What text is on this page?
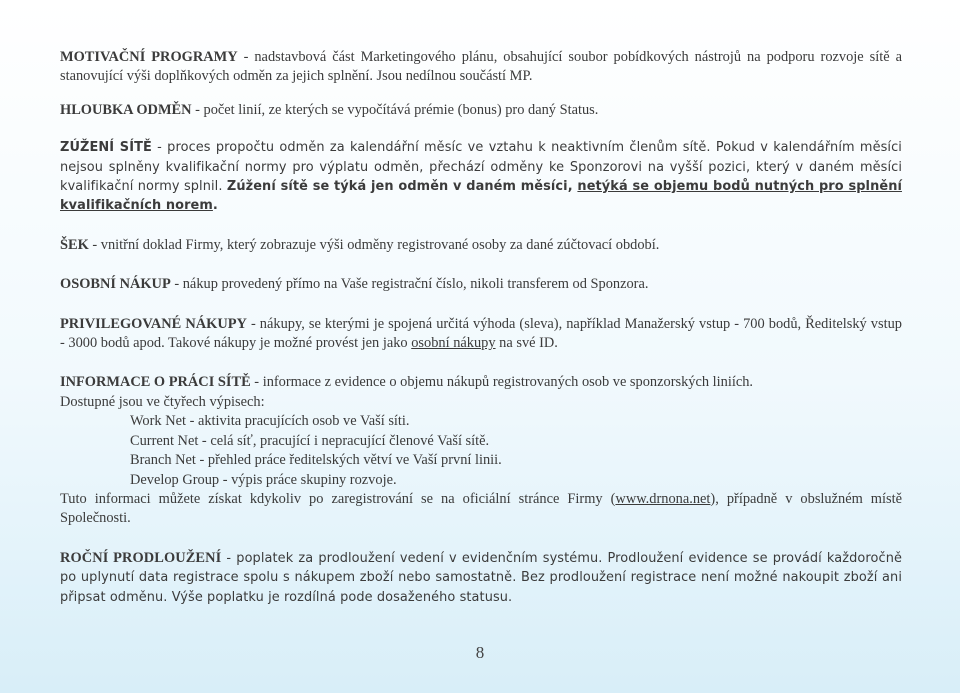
MOTIVAČNÍ PROGRAMY - nadstavbová část Marketingového plánu, obsahující soubor pobídkových nástrojů na podporu rozvoje sítě a stanovující výši doplňkových odměn za jejich splnění. Jsou nedílnou součástí MP.

HLOUBKA ODMĚN - počet linií, ze kterých se vypočítává prémie (bonus) pro daný Status.

ZÚŽENÍ SÍTĚ - proces propočtu odměn za kalendářní měsíc ve vztahu k neaktivním členům sítě. Pokud v kalendářním měsíci nejsou splněny kvalifikační normy pro výplatu odměn, přechází odměny ke Sponzorovi na vyšší pozici, který v daném měsíci kvalifikační normy splnil. Zúžení sítě se týká jen odměn v daném měsíci, netýká se objemu bodů nutných pro splnění kvalifikačních norem.

ŠEK - vnitřní doklad Firmy, který zobrazuje výši odměny registrované osoby za dané zúčtovací období.

OSOBNÍ NÁKUP - nákup provedený přímo na Vaše registrační číslo, nikoli transferem od Sponzora.

PRIVILEGOVANÉ NÁKUPY - nákupy, se kterými je spojená určitá výhoda (sleva), například Manažerský vstup - 700 bodů, Ředitelský vstup - 3000 bodů apod. Takové nákupy je možné provést jen jako osobní nákupy na své ID.

INFORMACE O PRÁCI SÍTĚ - informace z evidence o objemu nákupů registrovaných osob ve sponzorských liniích.

Dostupné jsou ve čtyřech výpisech:

Work Net - aktivita pracujících osob ve Vaší síti.

Current Net - celá síť, pracující i nepracující členové Vaší sítě.

Branch Net - přehled práce ředitelských větví ve Vaší první linii.

Develop Group - výpis práce skupiny rozvoje.

Tuto informaci můžete získat kdykoliv po zaregistrování se na oficiální stránce Firmy (www.drnona.net), případně v obslužném místě Společnosti.

ROČNÍ PRODLOUŽENÍ - poplatek za prodloužení vedení v evidenčním systému. Prodloužení evidence se provádí každoročně po uplynutí data registrace spolu s nákupem zboží nebo samostatně. Bez prodloužení registrace není možné nakoupit zboží ani připsat odměnu. Výše poplatku je rozdílná pode dosaženého statusu.

8
